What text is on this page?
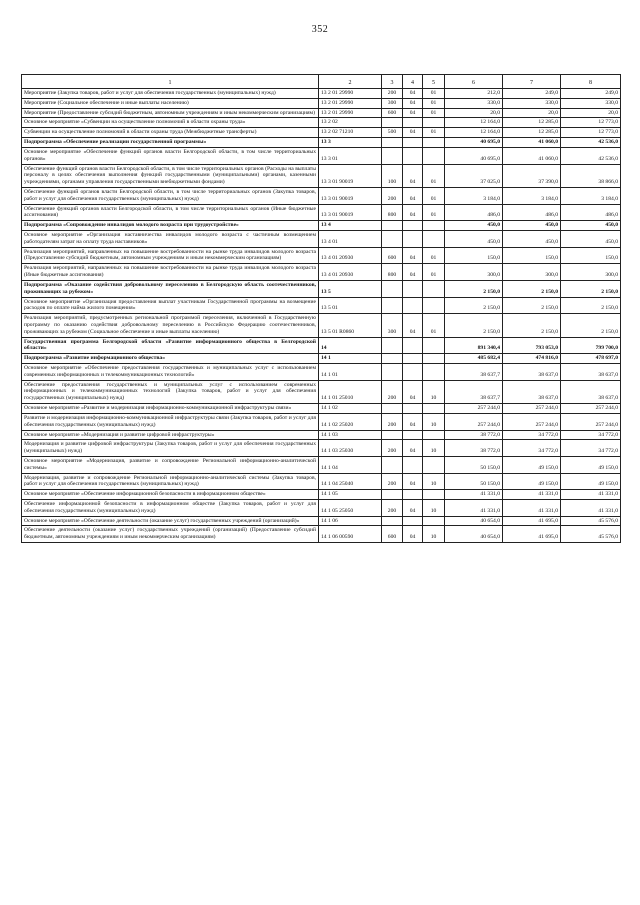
352
1	2	3	4	5	6	7	8
Мероприятие (Закупка товаров, работ и услуг для обеспечения государственных (муниципальных) нужд)	13 2 01 29990	200	04	01	212,0	249,0	249,0
Мероприятие (Социальное обеспечение и иные выплаты населению)	13 2 01 29990	300	04	01	330,0	330,0	330,0
Мероприятие (Предоставление субсидий бюджетным, автономным учреждениям и иным некоммерческим организациям)	13 2 01 29990	600	04	01	20,0	20,0	20,0
Основное мероприятие «Субвенции на осуществление полномочий в области охраны труда»	13 2 02				12 164,0	12 285,0	12 773,0
Субвенции на осуществление полномочий в области охраны труда (Межбюджетные трансферты)	13 2 02 71210	500	04	01	12 164,0	12 285,0	12 773,0
Подпрограмма «Обеспечение реализации государственной программы»	13 3				40 695,0	41 060,0	42 536,0
Основное мероприятие «Обеспечение функций органов власти Белгородской области, в том числе территориальных органов»	13 3 01				40 695,0	41 060,0	42 536,0
Обеспечение функций органов власти Белгородской области, в том числе территориальных органов (Расходы на выплаты персоналу в целях обеспечения выполнения функций государственными (муниципальными) органами, казенными учреждениями, органами управления государственными внебюджетными фондами)	13 3 01 90019	100	04	01	37 025,0	37 390,0	38 866,0
Обеспечение функций органов власти Белгородской области, в том числе территориальных органов (Закупка товаров, работ и услуг для обеспечения государственных (муниципальных) нужд)	13 3 01 90019	200	04	01	3 184,0	3 184,0	3 184,0
Обеспечение функций органов власти Белгородской области, в том числе территориальных органов (Иные бюджетные ассигнования)	13 3 01 90019	800	04	01	486,0	486,0	486,0
Подпрограмма «Сопровождение инвалидов молодого возраста при трудоустройстве»	13 4				450,0	450,0	450,0
Основное мероприятие «Организация наставничества инвалидов молодого возраста с частичным возмещением работодателям затрат на оплату труда наставников»	13 4 01				450,0	450,0	450,0
Реализация мероприятий, направленных на повышение востребованности на рынке труда инвалидов молодого возраста (Предоставление субсидий бюджетным, автономным учреждениям и иным некоммерческим организациям)	13 4 01 20930	600	04	01	150,0	150,0	150,0
Реализация мероприятий, направленных на повышение востребованности на рынке труда инвалидов молодого возраста (Иные бюджетные ассигнования)	13 4 01 20930	800	04	01	300,0	300,0	300,0
Подпрограмма «Оказание содействия добровольному переселению в Белгородскую область соотечественников, проживающих за рубежом»	13 5				2 150,0	2 150,0	2 150,0
Основное мероприятие «Организация предоставления выплат участникам Государственной программы на возмещение расходов по оплате найма жилого помещения»	13 5 01				2 150,0	2 150,0	2 150,0
Реализация мероприятий, предусмотренных региональной программой переселения, включенной в Государственную программу по оказанию содействия добровольному переселению в Российскую Федерацию соотечественников, проживающих за рубежом (Социальное обеспечение и иные выплаты населению)	13 5 01 R0860	300	04	01	2 150,0	2 150,0	2 150,0
Государственная программа Белгородской области «Развитие информационного общества в Белгородской области»	14				891 340,4	793 053,0	799 700,0
Подпрограмма «Развитие информационного общества»	14 1				485 682,4	474 816,0	478 697,0
Основное мероприятие «Обеспечение предоставления государственных и муниципальных услуг с использованием современных информационных и телекоммуникационных технологий»	14 1 01				38 637,7	38 637,0	38 637,0
Обеспечение предоставления государственных и муниципальных услуг с использованием современных информационных и телекоммуникационных технологий (Закупка товаров, работ и услуг для обеспечения государственных (муниципальных) нужд)	14 1 01 25010	200	04	10	38 637,7	38 637,0	38 637,0
Основное мероприятие «Развитие и модернизация информационно-коммуникационной инфраструктуры связи»	14 1 02				257 244,0	257 244,0	257 244,0
Развитие и модернизация информационно-коммуникационной инфраструктуры связи (Закупка товаров, работ и услуг для обеспечения государственных (муниципальных) нужд)	14 1 02 25020	200	04	10	257 244,0	257 244,0	257 244,0
Основное мероприятие «Модернизация и развитие цифровой инфраструктуры»	14 1 03				38 772,0	34 772,0	34 772,0
Модернизация и развитие цифровой инфраструктуры (Закупка товаров, работ и услуг для обеспечения государственных (муниципальных) нужд)	14 1 03 25030	200	04	10	38 772,0	34 772,0	34 772,0
Основное мероприятие «Модернизация, развитие и сопровождение Региональной информационно-аналитической системы»	14 1 04				50 150,0	49 150,0	49 150,0
Модернизация, развитие и сопровождение Региональной информационно-аналитической системы (Закупка товаров, работ и услуг для обеспечения государственных (муниципальных) нужд)	14 1 04 25040	200	04	10	50 150,0	49 150,0	49 150,0
Основное мероприятие «Обеспечение информационной безопасности в информационном обществе»	14 1 05				41 331,0	41 331,0	41 331,0
Обеспечение информационной безопасности в информационном обществе (Закупка товаров, работ и услуг для обеспечения государственных (муниципальных) нужд)	14 1 05 25050	200	04	10	41 331,0	41 331,0	41 331,0
Основное мероприятие «Обеспечение деятельности (оказание услуг) государственных учреждений (организаций)»	14 1 06				40 654,0	41 695,0	45 576,0
Обеспечение деятельности (оказание услуг) государственных учреждений (организаций) (Предоставление субсидий бюджетным, автономным учреждениям и иным некоммерческим организациям)	14 1 06 00590	600	04	10	40 654,0	41 695,0	45 576,0
